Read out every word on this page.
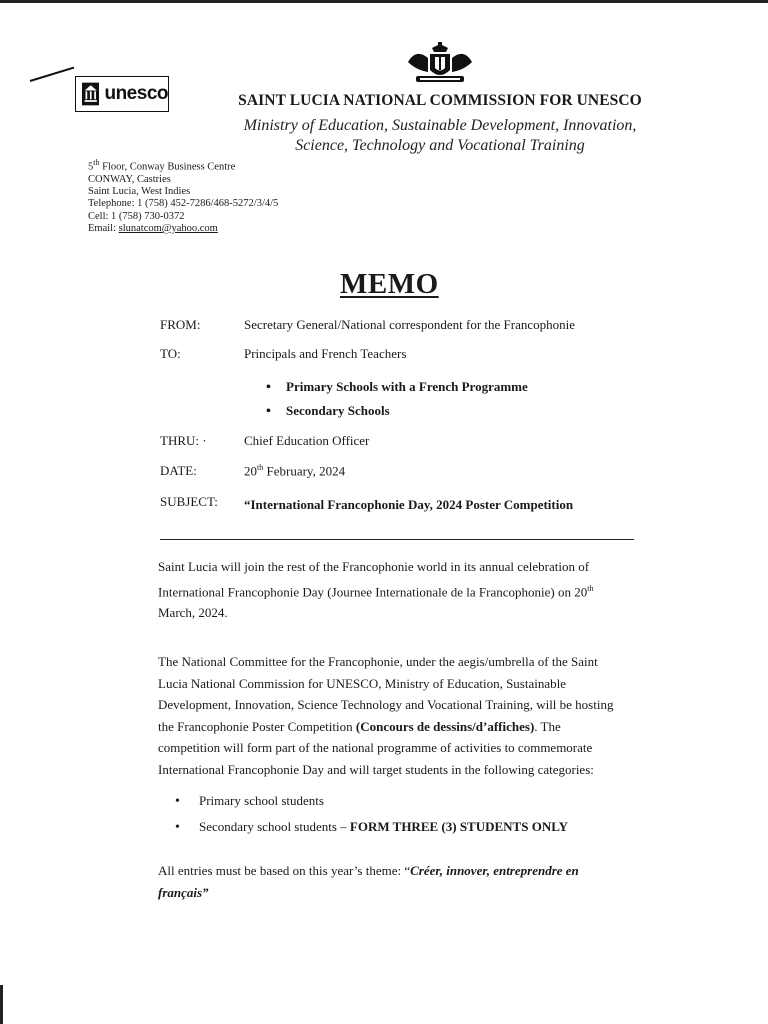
unesco	SAINT LUCIA NATIONAL COMMISSION FOR UNESCO
Ministry of Education, Sustainable Development, Innovation,
Science, Technology and Vocational Training
5th Floor, Conway Business Centre
CONWAY, Castries
Saint Lucia, West Indies
Telephone: 1 (758) 452-7286/468-5272/3/4/5
Cell: 1 (758) 730-0372
Email: slunatcom@yahoo.com
MEMO
FROM:	Secretary General/National correspondent for the Francophonie
TO:	Principals and French Teachers
• Primary Schools with a French Programme
• Secondary Schools
THRU: ·	Chief Education Officer
DATE:	20th February, 2024
SUBJECT: “International Francophonie Day, 2024 Poster Competition
Saint Lucia will join the rest of the Francophonie world in its annual celebration of
International Francophonie Day (Journee Internationale de la Francophonie) on 20th
March, 2024.
The National Committee for the Francophonie, under the aegis/umbrella of the Saint
Lucia National Commission for UNESCO, Ministry of Education, Sustainable
Development, Innovation, Science Technology and Vocational Training, will be hosting
the Francophonie Poster Competition (Concours de dessins/d’affiches). The
competition will form part of the national programme of activities to commemorate
International Francophonie Day and will target students in the following categories:
• Primary school students
• Secondary school students – FORM THREE (3) STUDENTS ONLY
All entries must be based on this year’s theme: “Créer, innover, entreprendre en
français”
